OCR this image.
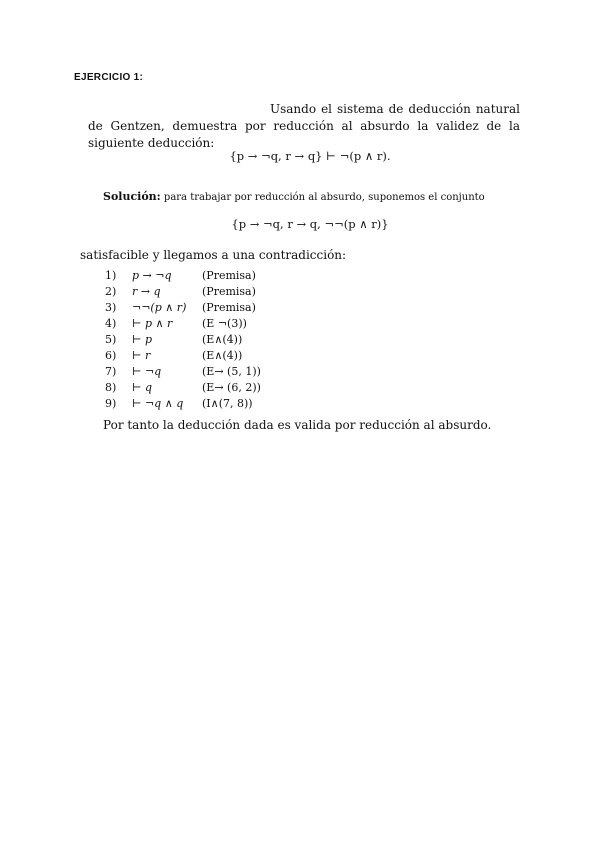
EJERCICIO 1:
Usando el sistema de deducción natural de Gentzen, demuestra por reducción al absurdo la validez de la siguiente deducción:
{p → ¬q, r → q} ⊢ ¬(p ∧ r).
Solución: para trabajar por reducción al absurdo, suponemos el conjunto
{p → ¬q, r → q, ¬¬(p ∧ r)}
satisfacible y llegamos a una contradicción:
1)	p → ¬q	(Premisa)
2)	r → q	(Premisa)
3)	¬¬(p ∧ r)	(Premisa)
4)	⊢ p ∧ r	(E ¬(3))
5)	⊢ p	(E∧(4))
6)	⊢ r	(E∧(4))
7)	⊢ ¬q	(E→ (5, 1))
8)	⊢ q	(E→ (6, 2))
9)	⊢ ¬q ∧ q	(I∧(7, 8))
Por tanto la deducción dada es valida por reducción al absurdo.
